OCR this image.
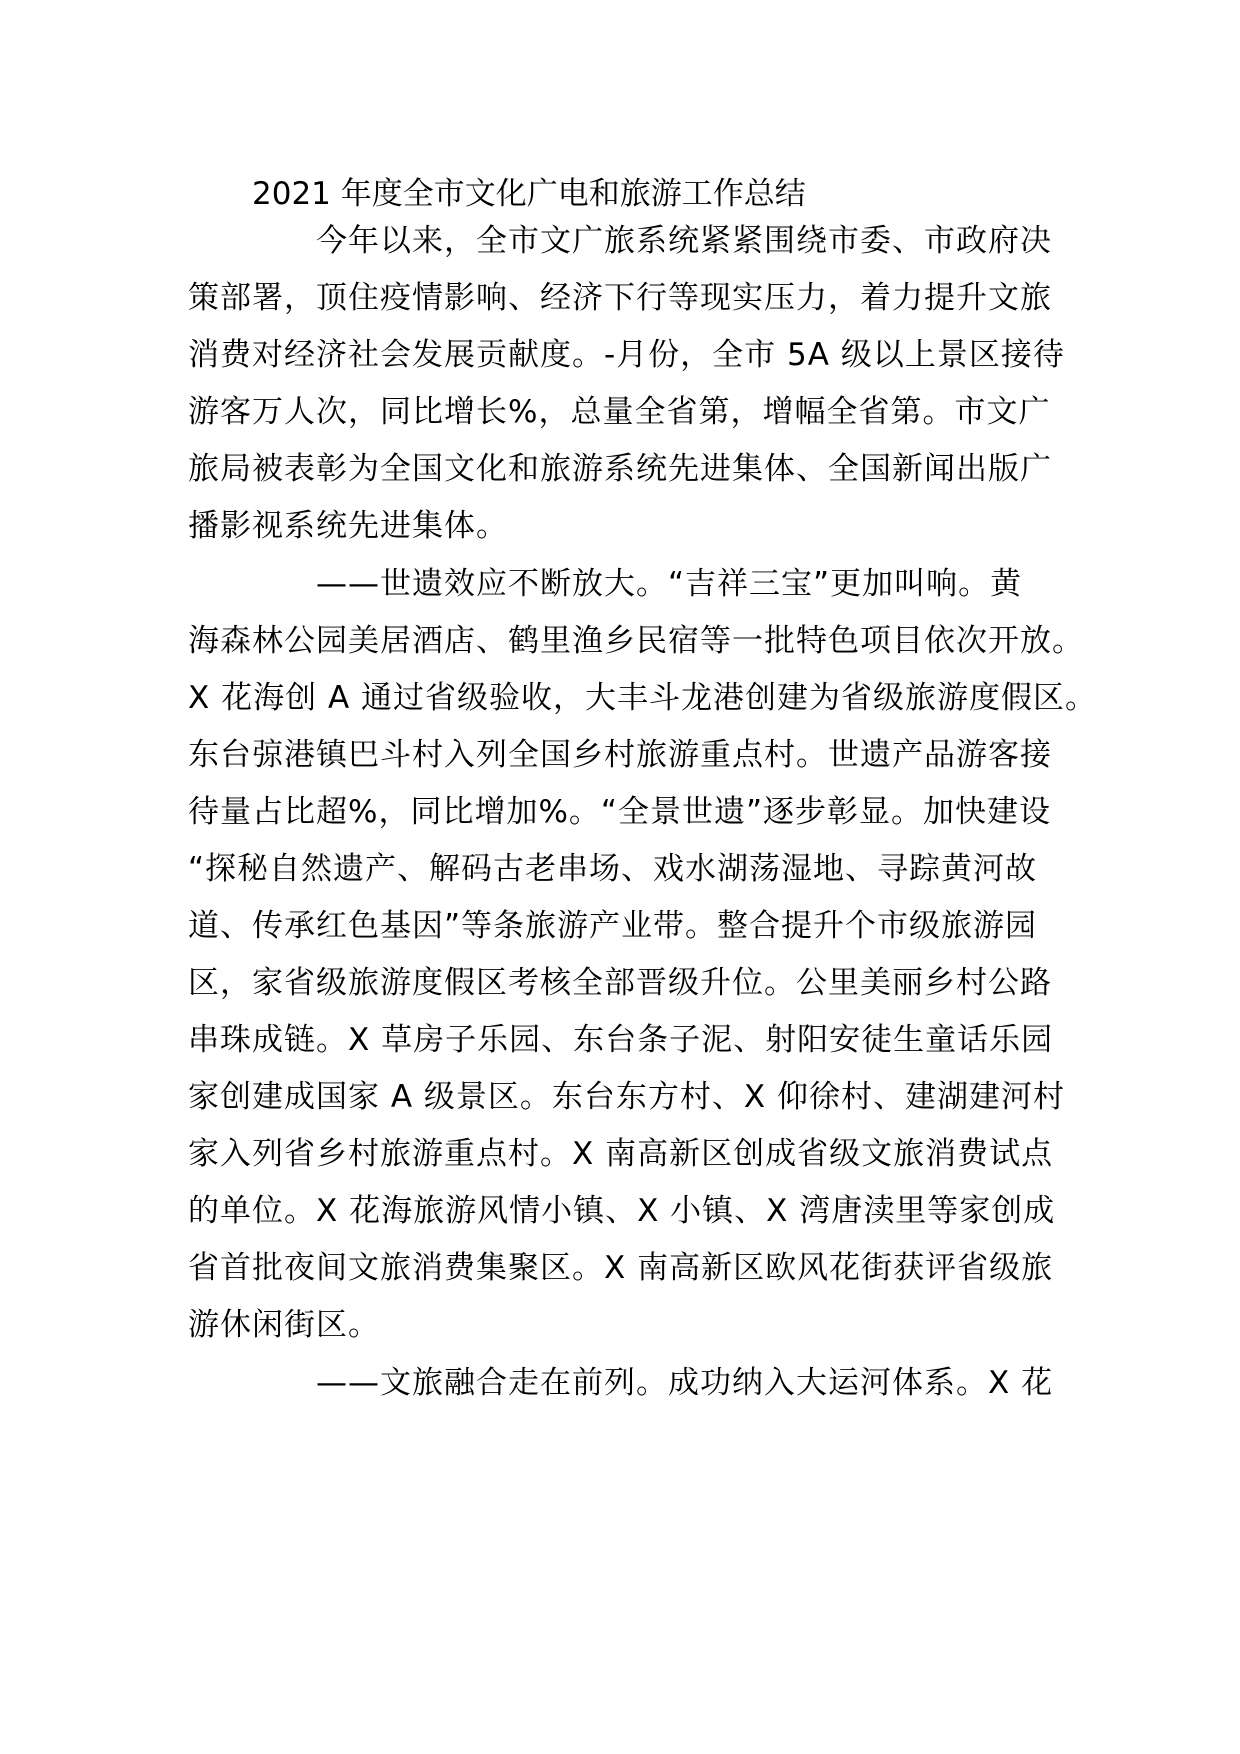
2021 年度全市文化广电和旅游工作总结
今年以来，全市文广旅系统紧紧围绕市委、市政府决
策部署，顶住疫情影响、经济下行等现实压力，着力提升文旅
消费对经济社会发展贡献度。-月份，全市 5A 级以上景区接待
游客万人次，同比增长%，总量全省第，增幅全省第。市文广
旅局被表彰为全国文化和旅游系统先进集体、全国新闻出版广
播影视系统先进集体。
——世遗效应不断放大。“吉祥三宝”更加叫响。黄
海森林公园美居酒店、鹤里渔乡民宿等一批特色项目依次开放。
X 花海创 A 通过省级验收，大丰斗龙港创建为省级旅游度假区。
东台弶港镇巴斗村入列全国乡村旅游重点村。世遗产品游客接
待量占比超%，同比增加%。“全景世遗”逐步彰显。加快建设
“探秘自然遗产、解码古老串场、戏水湖荡湿地、寻踪黄河故
道、传承红色基因”等条旅游产业带。整合提升个市级旅游园
区，家省级旅游度假区考核全部晋级升位。公里美丽乡村公路
串珠成链。X 草房子乐园、东台条子泥、射阳安徒生童话乐园
家创建成国家 A 级景区。东台东方村、X 仰徐村、建湖建河村
家入列省乡村旅游重点村。X 南高新区创成省级文旅消费试点
的单位。X 花海旅游风情小镇、X 小镇、X 湾唐渎里等家创成
省首批夜间文旅消费集聚区。X 南高新区欧风花街获评省级旅
游休闲街区。
——文旅融合走在前列。成功纳入大运河体系。X 花
